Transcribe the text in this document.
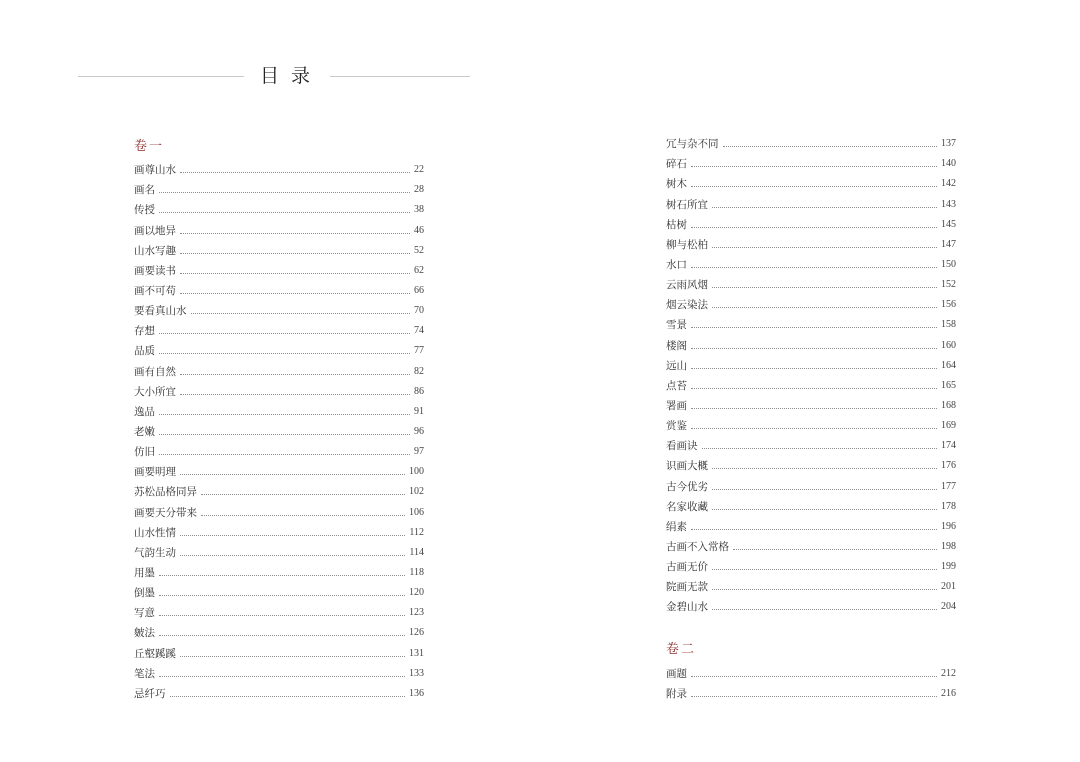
目录
卷一
画尊山水	22
画名	28
传授	38
画以地异	46
山水写趣	52
画要读书	62
画不可苟	66
要看真山水	70
存想	74
品质	77
画有自然	82
大小所宜	86
逸品	91
老嫩	96
仿旧	97
画要明理	100
苏松品格同异	102
画要天分带来	106
山水性情	112
气韵生动	114
用墨	118
倒墨	120
写意	123
皴法	126
丘壑蹊蹊	131
笔法	133
忌纤巧	136
冗与杂不同	137
碎石	140
树木	142
树石所宜	143
枯树	145
柳与松柏	147
水口	150
云雨风烟	152
烟云染法	156
雪景	158
楼阁	160
远山	164
点苔	165
署画	168
赏鉴	169
看画诀	174
识画大概	176
古今优劣	177
名家收藏	178
绢素	196
古画不入常格	198
古画无价	199
院画无款	201
金碧山水	204
卷二
画题	212
附录	216
